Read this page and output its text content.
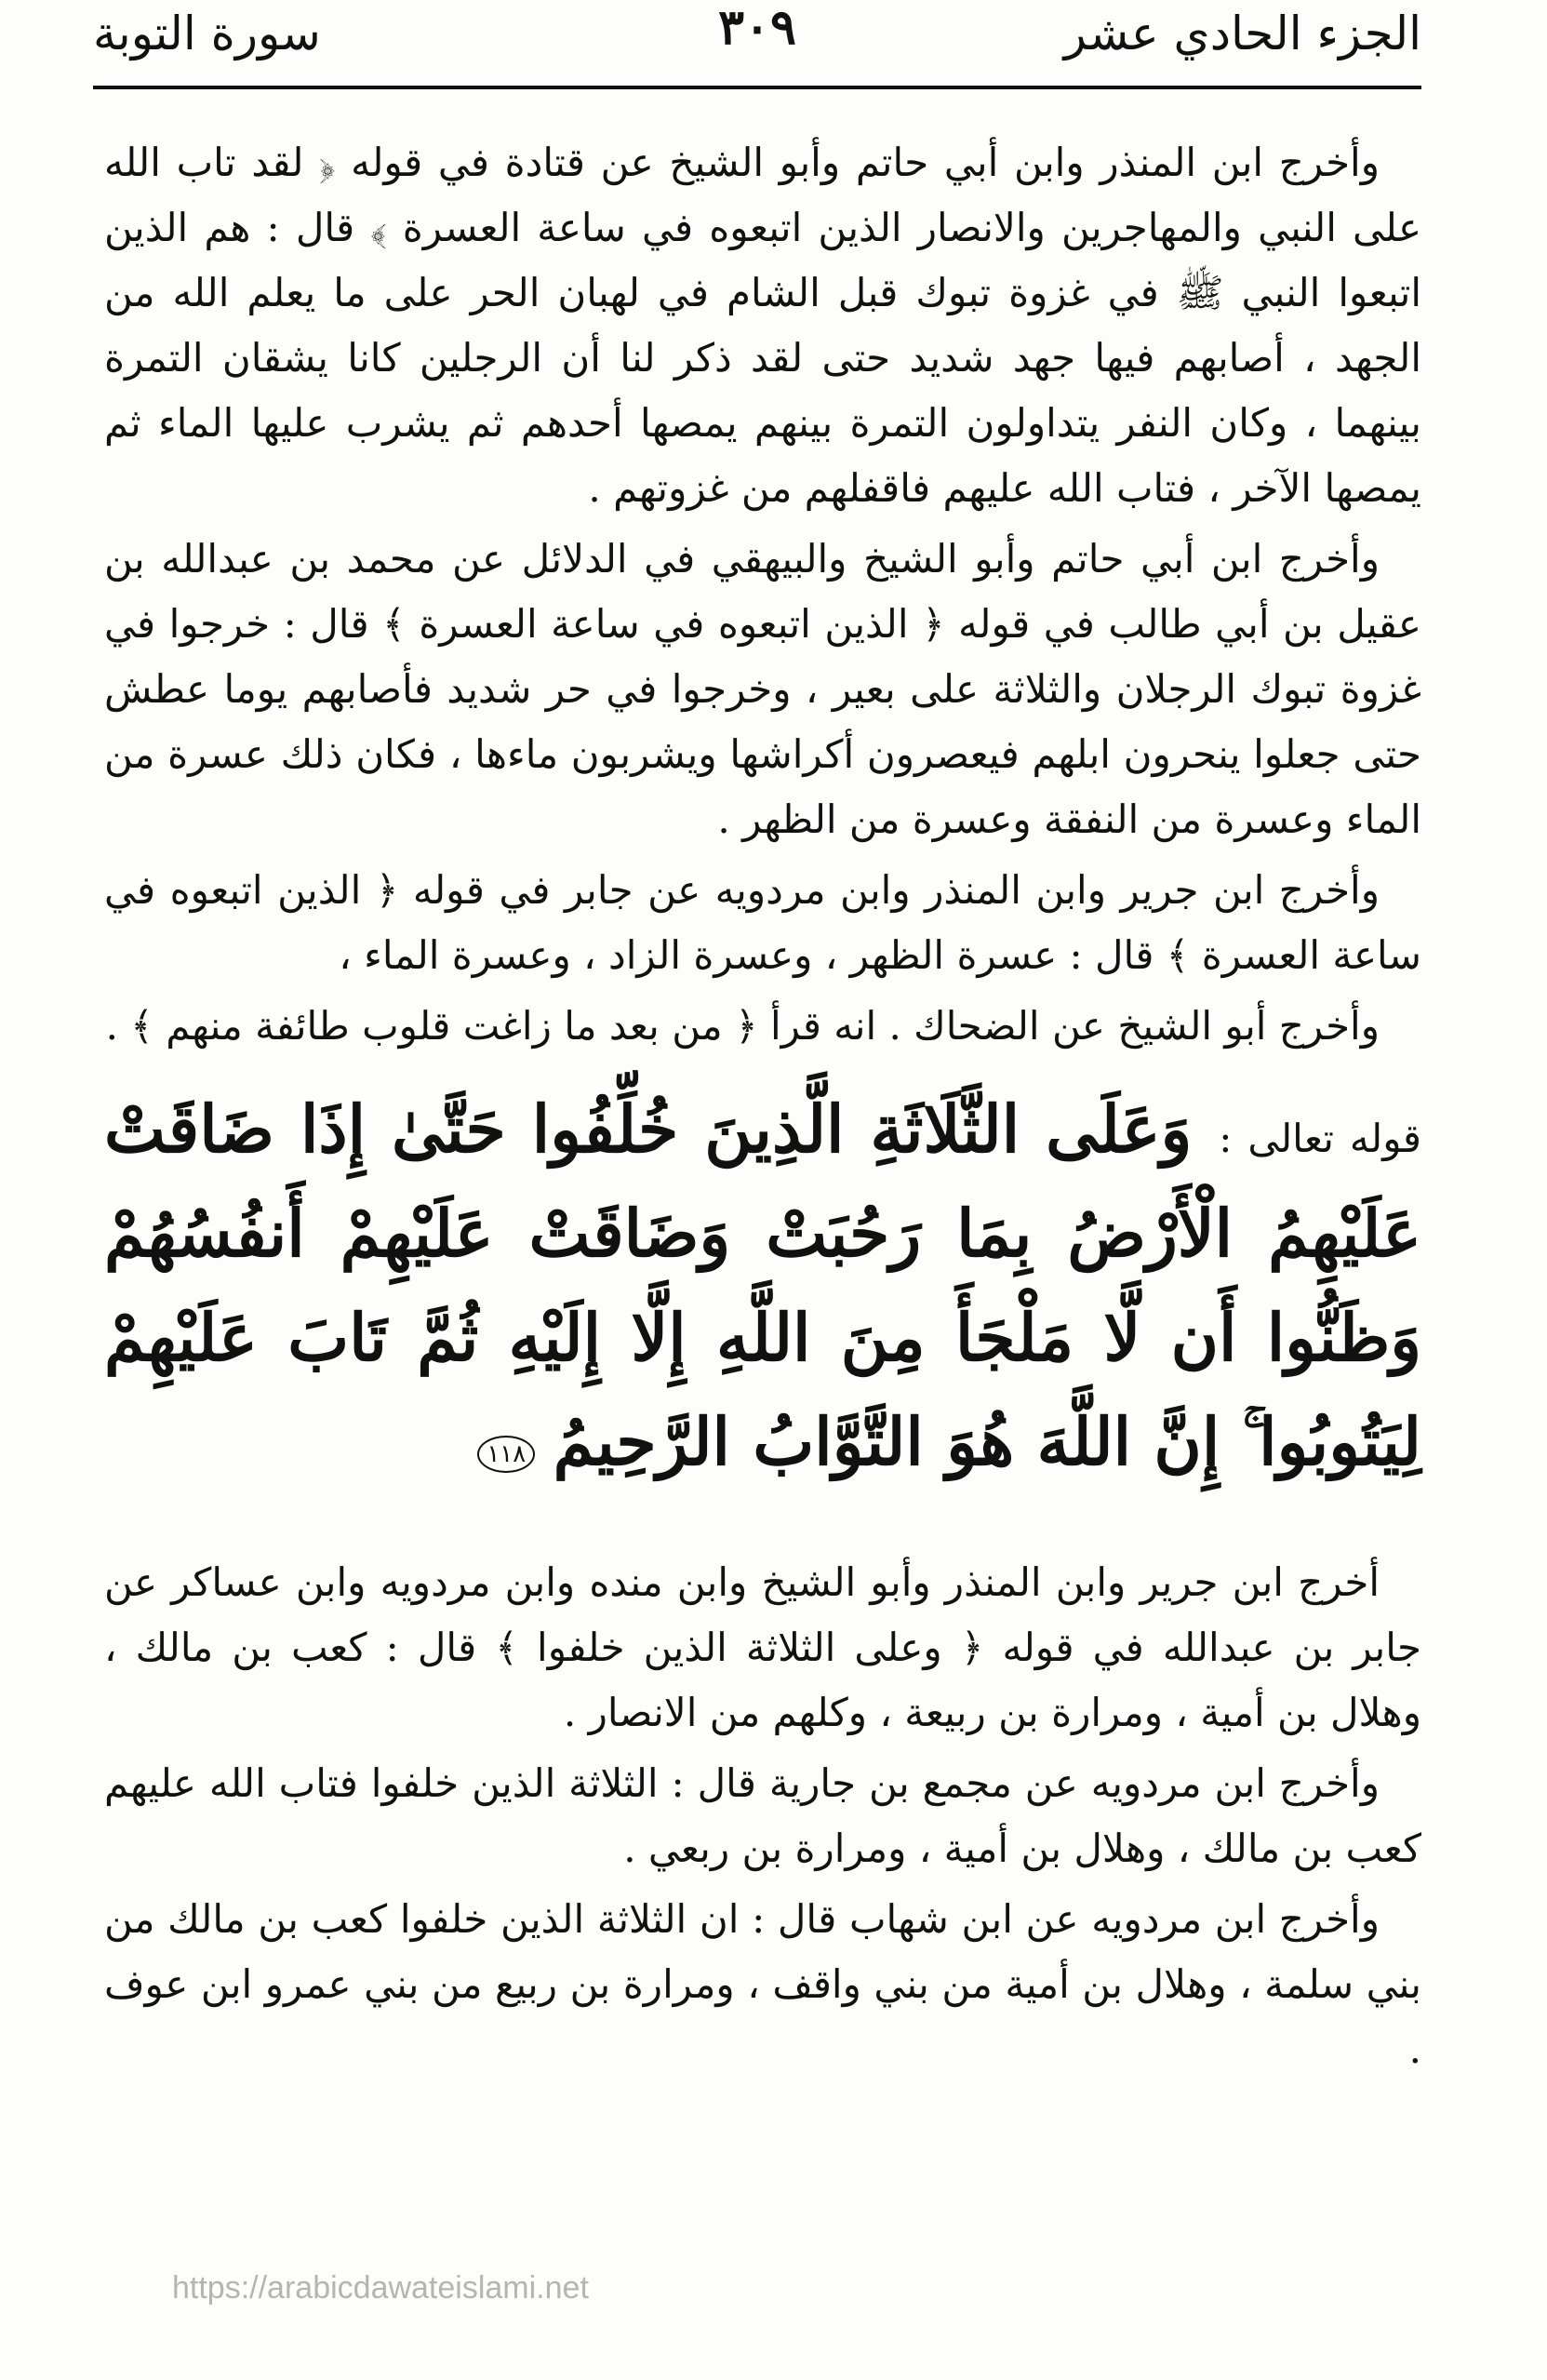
الجزء الحادي عشر
٣٠٩
سورة التوبة

وأخرج ابن المنذر وابن أبي حاتم وأبو الشيخ عن قتادة في قوله ﴿ لقد تاب الله على النبي والمهاجرين والانصار الذين اتبعوه في ساعة العسرة ﴾ قال : هم الذين اتبعوا النبي ﷺ في غزوة تبوك قبل الشام في لهبان الحر على ما يعلم الله من الجهد ، أصابهم فيها جهد شديد حتى لقد ذكر لنا أن الرجلين كانا يشقان التمرة بينهما ، وكان النفر يتداولون التمرة بينهم يمصها أحدهم ثم يشرب عليها الماء ثم يمصها الآخر ، فتاب الله عليهم فاقفلهم من غزوتهم .

وأخرج ابن أبي حاتم وأبو الشيخ والبيهقي في الدلائل عن محمد بن عبدالله بن عقيل بن أبي طالب في قوله ﴿ الذين اتبعوه في ساعة العسرة ﴾ قال : خرجوا في غزوة تبوك الرجلان والثلاثة على بعير ، وخرجوا في حر شديد فأصابهم يوما عطش حتى جعلوا ينحرون ابلهم فيعصرون أكراشها ويشربون ماءها ، فكان ذلك عسرة من الماء وعسرة من النفقة وعسرة من الظهر .

وأخرج ابن جرير وابن المنذر وابن مردويه عن جابر في قوله ﴿ الذين اتبعوه في ساعة العسرة ﴾ قال : عسرة الظهر ، وعسرة الزاد ، وعسرة الماء ،

وأخرج أبو الشيخ عن الضحاك . انه قرأ ﴿ من بعد ما زاغت قلوب طائفة منهم ﴾ .

قوله تعالى : وَعَلَى الثَّلَاثَةِ الَّذِينَ خُلِّفُوا حَتَّىٰ إِذَا ضَاقَتْ عَلَيْهِمُ الْأَرْضُ بِمَا رَحُبَتْ وَضَاقَتْ عَلَيْهِمْ أَنفُسُهُمْ وَظَنُّوا أَن لَّا مَلْجَأَ مِنَ اللَّهِ إِلَّا إِلَيْهِ ثُمَّ تَابَ عَلَيْهِمْ لِيَتُوبُوا ۚ إِنَّ اللَّهَ هُوَ التَّوَّابُ الرَّحِيمُ ١١٨

أخرج ابن جرير وابن المنذر وأبو الشيخ وابن منده وابن مردويه وابن عساكر عن جابر بن عبدالله في قوله ﴿ وعلى الثلاثة الذين خلفوا ﴾ قال : كعب بن مالك ، وهلال بن أمية ، ومرارة بن ربيعة ، وكلهم من الانصار .

وأخرج ابن مردويه عن مجمع بن جارية قال : الثلاثة الذين خلفوا فتاب الله عليهم كعب بن مالك ، وهلال بن أمية ، ومرارة بن ربعي .

وأخرج ابن مردويه عن ابن شهاب قال : ان الثلاثة الذين خلفوا كعب بن مالك من بني سلمة ، وهلال بن أمية من بني واقف ، ومرارة بن ربيع من بني عمرو ابن عوف .

https://arabicdawateislami.net
